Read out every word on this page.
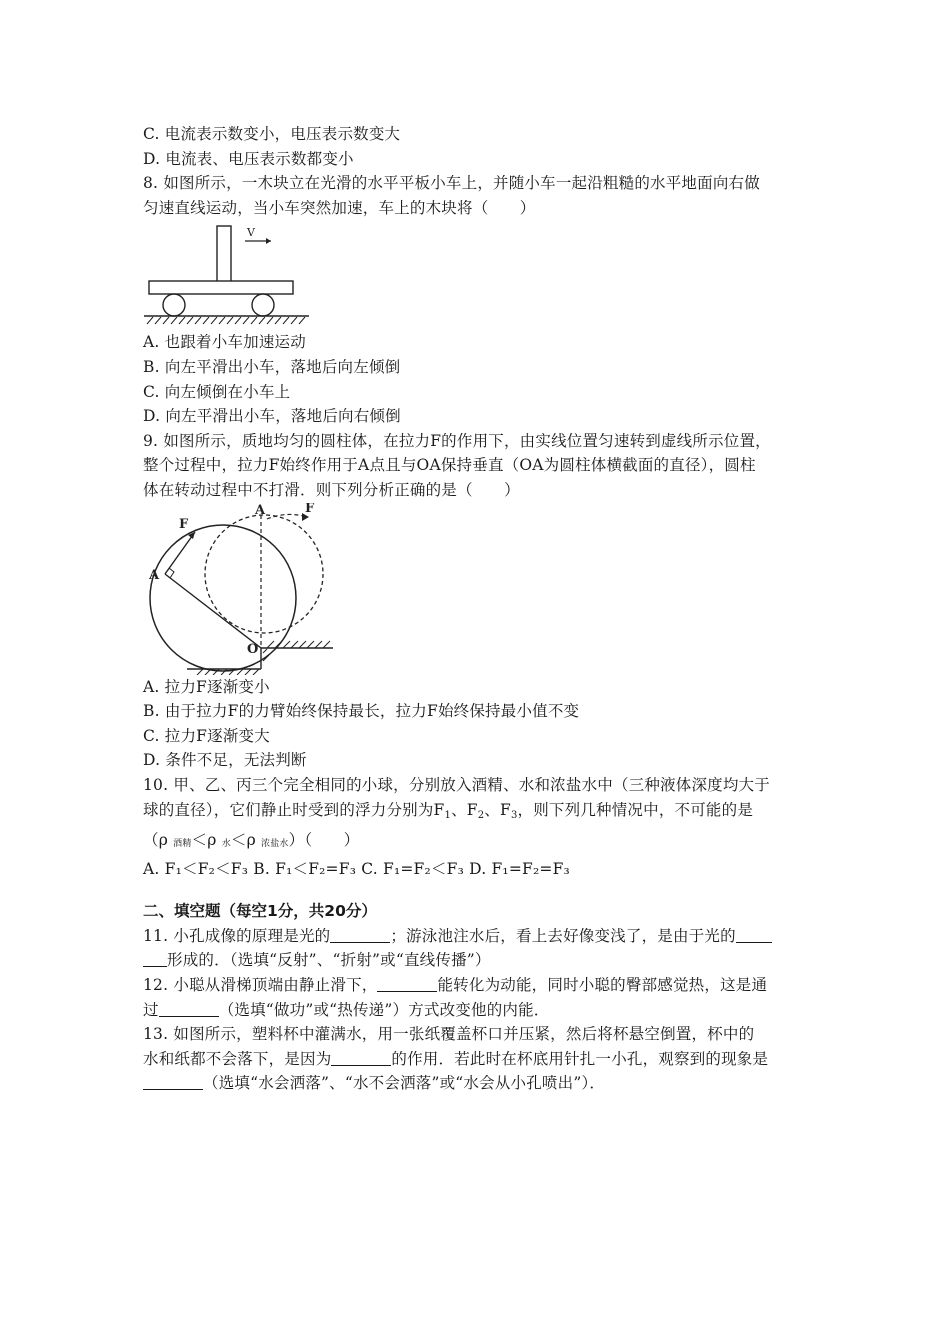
C. 电流表示数变小，电压表示数变大
D. 电流表、电压表示数都变小
8. 如图所示，一木块立在光滑的水平平板小车上，并随小车一起沿粗糙的水平地面向右做
匀速直线运动，当小车突然加速，车上的木块将（　　）
V
A. 也跟着小车加速运动
B. 向左平滑出小车，落地后向左倾倒
C. 向左倾倒在小车上
D. 向左平滑出小车，落地后向右倾倒
9. 如图所示，质地均匀的圆柱体，在拉力F的作用下，由实线位置匀速转到虚线所示位置，
整个过程中，拉力F始终作用于A点且与OA保持垂直（OA为圆柱体横截面的直径），圆柱
体在转动过程中不打滑．则下列分析正确的是（　　）
F
A
A	F
O
A. 拉力F逐渐变小
B. 由于拉力F的力臂始终保持最长，拉力F始终保持最小值不变
C. 拉力F逐渐变大
D. 条件不足，无法判断
10. 甲、乙、丙三个完全相同的小球，分别放入酒精、水和浓盐水中（三种液体深度均大于
球的直径），它们静止时受到的浮力分别为$F_1$、$F_2$、$F_3$，则下列几种情况中，不可能的是
（ρ 酒精＜ρ 水＜ρ 浓盐水）（　　）
A. F₁＜F₂＜F₃ B. F₁＜F₂=F₃ C. F₁=F₂＜F₃ D. F₁=F₂=F₃
二、填空题（每空1分，共20分）
11. 小孔成像的原理是光的	；游泳池注水后，看上去好像变浅了，是由于光的
形成的．（选填“反射”、“折射”或“直线传播”）
12. 小聪从滑梯顶端由静止滑下，	能转化为动能，同时小聪的臀部感觉热，这是通
过	（选填“做功”或“热传递”）方式改变他的内能．
13. 如图所示，塑料杯中灌满水，用一张纸覆盖杯口并压紧，然后将杯悬空倒置，杯中的
水和纸都不会落下，是因为	的作用．若此时在杯底用针扎一小孔，观察到的现象是
（选填“水会洒落”、“水不会洒落”或“水会从小孔喷出”）．
